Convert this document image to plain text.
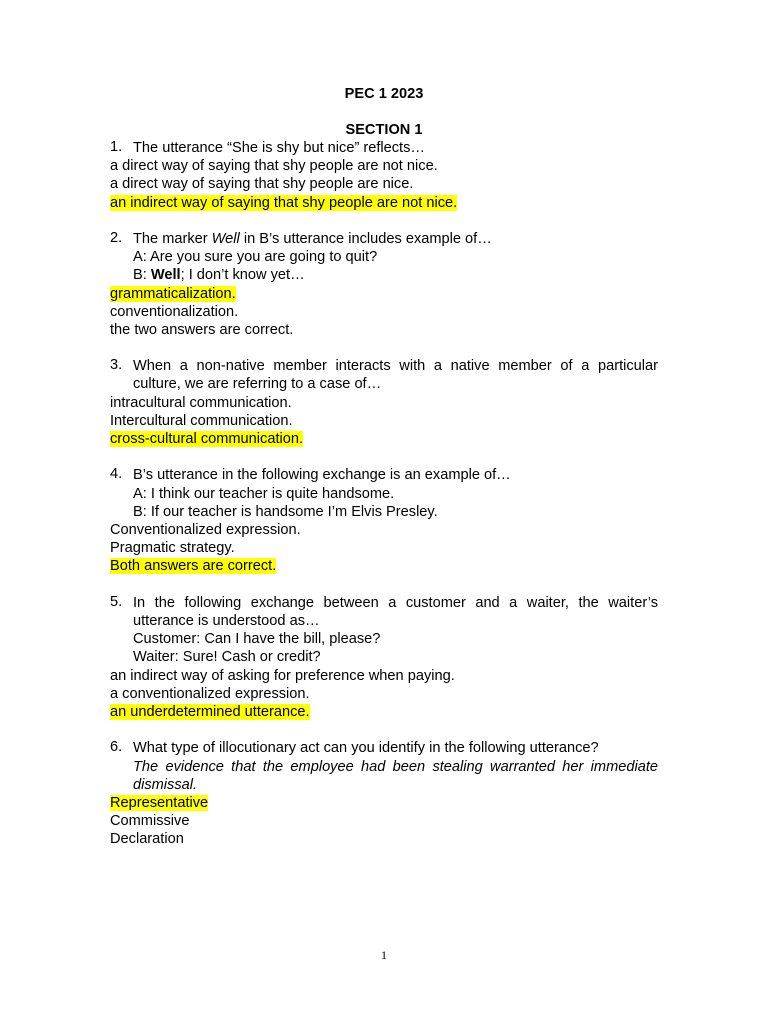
PEC 1 2023
SECTION 1
1. The utterance “She is shy but nice” reflects…
a direct way of saying that shy people are not nice.
a direct way of saying that shy people are nice.
an indirect way of saying that shy people are not nice.
2. The marker Well in B’s utterance includes example of…
A: Are you sure you are going to quit?
B: Well; I don’t know yet…
grammaticalization.
conventionalization.
the two answers are correct.
3. When a non-native member interacts with a native member of a particular culture, we are referring to a case of…
intracultural communication.
Intercultural communication.
cross-cultural communication.
4. B’s utterance in the following exchange is an example of…
A: I think our teacher is quite handsome.
B: If our teacher is handsome I’m Elvis Presley.
Conventionalized expression.
Pragmatic strategy.
Both answers are correct.
5. In the following exchange between a customer and a waiter, the waiter’s utterance is understood as…
Customer: Can I have the bill, please?
Waiter: Sure! Cash or credit?
an indirect way of asking for preference when paying.
a conventionalized expression.
an underdetermined utterance.
6. What type of illocutionary act can you identify in the following utterance?
The evidence that the employee had been stealing warranted her immediate dismissal.
Representative
Commissive
Declaration
1
